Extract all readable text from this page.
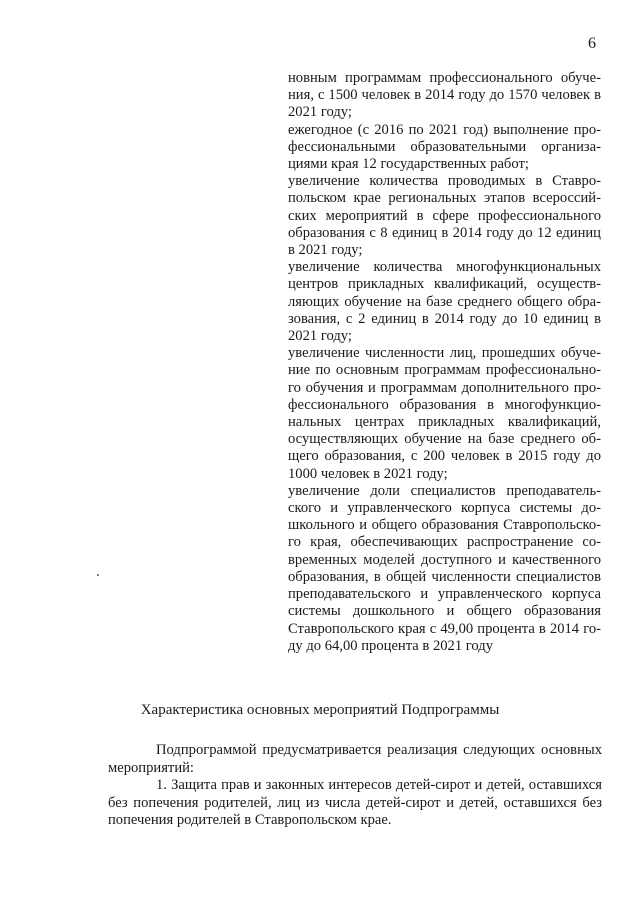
6

новным программам профессионального обучения, с 1500 человек в 2014 году до 1570 человек в 2021 году;

ежегодное (с 2016 по 2021 год) выполнение профессиональными образовательными организациями края 12 государственных работ;

увеличение количества проводимых в Ставропольском крае региональных этапов всероссийских мероприятий в сфере профессионального образования с 8 единиц в 2014 году до 12 единиц в 2021 году;

увеличение количества многофункциональных центров прикладных квалификаций, осуществляющих обучение на базе среднего общего образования, с 2 единиц в 2014 году до 10 единиц в 2021 году;

увеличение численности лиц, прошедших обучение по основным программам профессионального обучения и программам дополнительного профессионального образования в многофункциональных центрах прикладных квалификаций, осуществляющих обучение на базе среднего общего образования, с 200 человек в 2015 году до 1000 человек в 2021 году;

увеличение доли специалистов преподавательского и управленческого корпуса системы дошкольного и общего образования Ставропольского края, обеспечивающих распространение современных моделей доступного и качественного образования, в общей численности специалистов преподавательского и управленческого корпуса системы дошкольного и общего образования Ставропольского края с 49,00 процента в 2014 году до 64,00 процента в 2021 году

Характеристика основных мероприятий Подпрограммы

Подпрограммой предусматривается реализация следующих основных мероприятий:

1. Защита прав и законных интересов детей-сирот и детей, оставшихся без попечения родителей, лиц из числа детей-сирот и детей, оставшихся без попечения родителей в Ставропольском крае.
